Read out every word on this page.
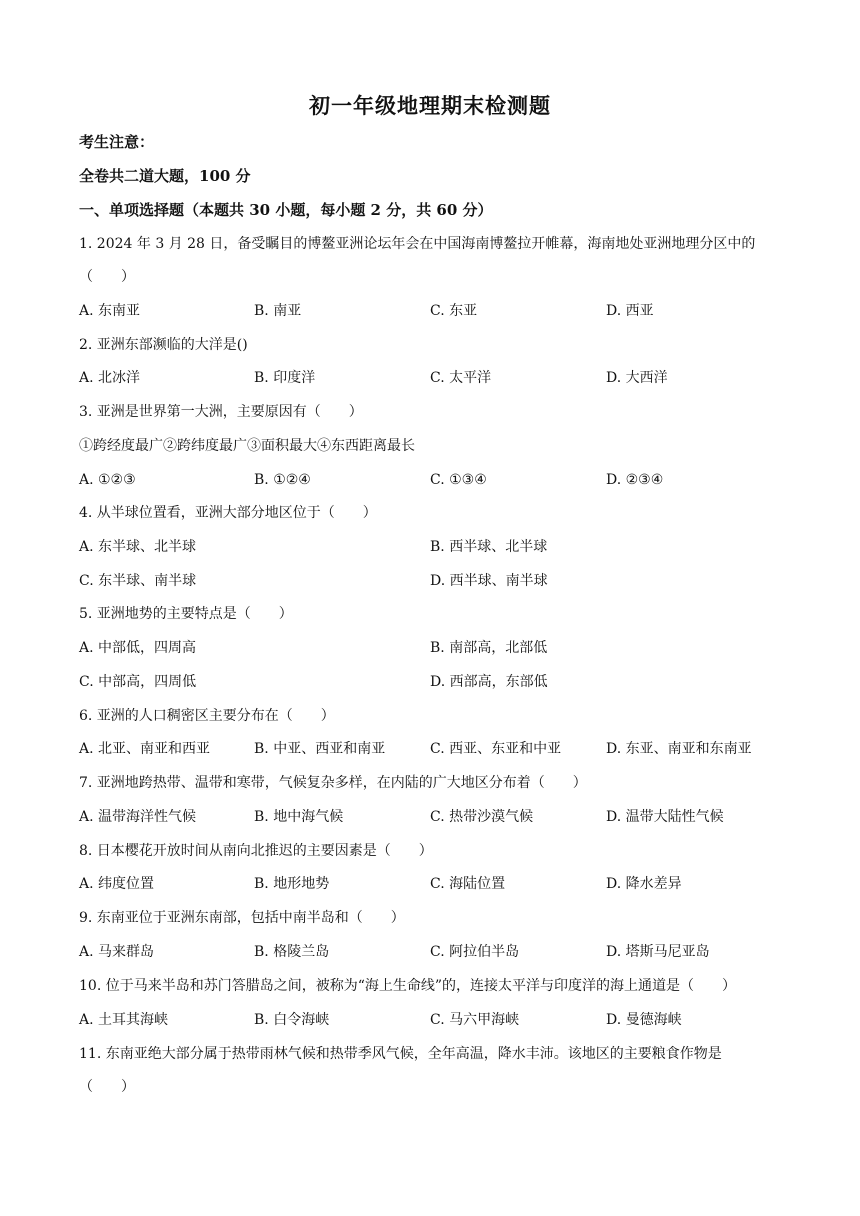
初一年级地理期末检测题
考生注意：
全卷共二道大题，100 分
一、单项选择题（本题共 30 小题，每小题 2 分，共 60 分）
1. 2024 年 3 月 28 日，备受瞩目的博鳌亚洲论坛年会在中国海南博鳌拉开帷幕，海南地处亚洲地理分区中的
（　　）
A. 东南亚	B. 南亚	C. 东亚	D. 西亚
2. 亚洲东部濒临的大洋是()
A. 北冰洋	B. 印度洋	C. 太平洋	D. 大西洋
3. 亚洲是世界第一大洲，主要原因有（　　）
①跨经度最广②跨纬度最广③面积最大④东西距离最长
A. ①②③	B. ①②④	C. ①③④	D. ②③④
4. 从半球位置看，亚洲大部分地区位于（　　）
A. 东半球、北半球	B. 西半球、北半球
C. 东半球、南半球	D. 西半球、南半球
5. 亚洲地势的主要特点是（　　）
A. 中部低，四周高	B. 南部高，北部低
C. 中部高，四周低	D. 西部高，东部低
6. 亚洲的人口稠密区主要分布在（　　）
A. 北亚、南亚和西亚	B. 中亚、西亚和南亚	C. 西亚、东亚和中亚	D. 东亚、南亚和东南亚
7. 亚洲地跨热带、温带和寒带，气候复杂多样，在内陆的广大地区分布着（　　）
A. 温带海洋性气候	B. 地中海气候	C. 热带沙漠气候	D. 温带大陆性气候
8. 日本樱花开放时间从南向北推迟的主要因素是（　　）
A. 纬度位置	B. 地形地势	C. 海陆位置	D. 降水差异
9. 东南亚位于亚洲东南部，包括中南半岛和（　　）
A. 马来群岛	B. 格陵兰岛	C. 阿拉伯半岛	D. 塔斯马尼亚岛
10. 位于马来半岛和苏门答腊岛之间，被称为“海上生命线”的，连接太平洋与印度洋的海上通道是（　　）
A. 土耳其海峡	B. 白令海峡	C. 马六甲海峡	D. 曼德海峡
11. 东南亚绝大部分属于热带雨林气候和热带季风气候，全年高温，降水丰沛。该地区的主要粮食作物是
（　　）
